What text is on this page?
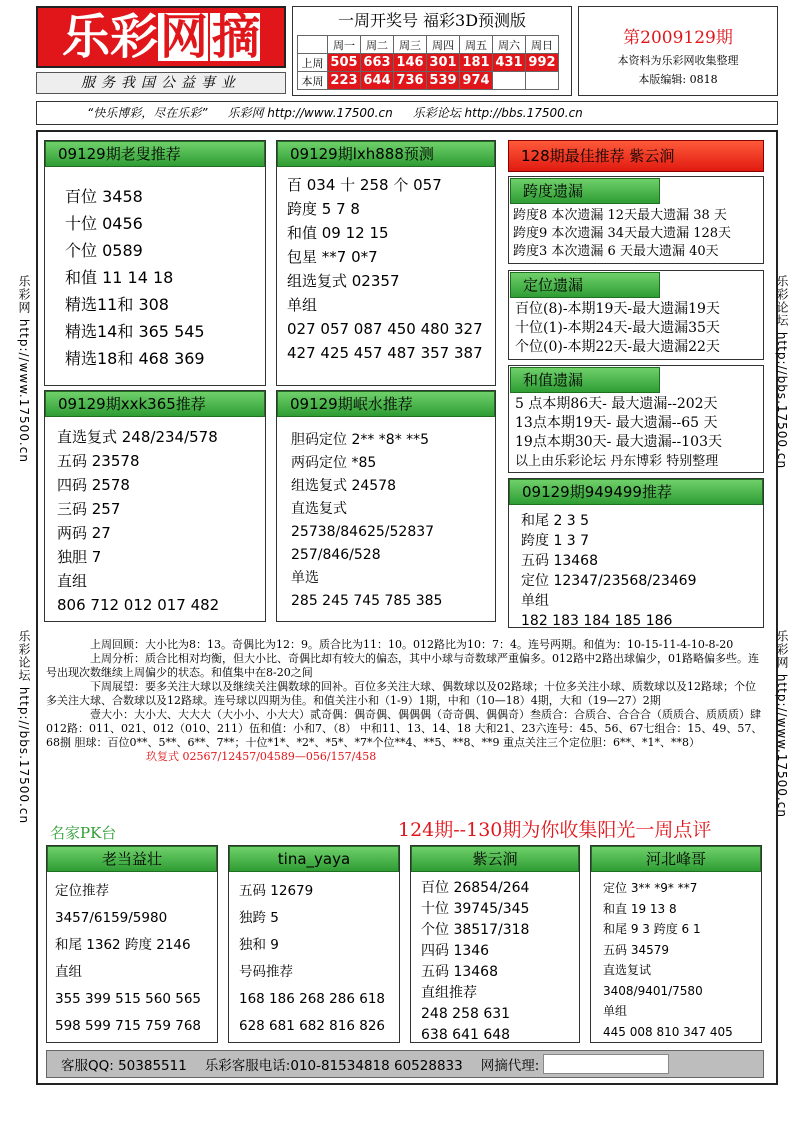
乐 彩 网 摘
服务我国公益事业
一周开奖号 福彩3D预测版
	周一	周二	周三	周四	周五	周六	周日
上周	505	663	146	301	181	431	992
本周	223	644	736	539	974		
第2009129期
本资料为乐彩网收集整理
本版编辑: 0818
“快乐博彩，尽在乐彩” 乐彩网 http://www.17500.cn 乐彩论坛 http://bbs.17500.cn
乐彩网 http://www.17500.cn
乐彩论坛 http://bbs.17500.cn
乐彩论坛 http://bbs.17500.cn
乐彩网 http://www.17500.cn
09129期老叟推荐
百位 3458
十位 0456
个位 0589
和值 11 14 18
精选11和 308
精选14和 365 545
精选18和 468 369
09129期lxh888预测
百 034 十 258 个 057
跨度 5 7 8
和值 09 12 15
包星 **7 0*7
组选复式 02357
单组
027 057 087 450 480 327
427 425 457 487 357 387
128期最佳推荐 紫云涧
跨度遗漏
跨度8 本次遗漏 12天最大遗漏 38 天
跨度9 本次遗漏 34天最大遗漏 128天
跨度3 本次遗漏 6 天最大遗漏 40天
定位遗漏
百位(8)-本期19天-最大遗漏19天
十位(1)-本期24天-最大遗漏35天
个位(0)-本期22天-最大遗漏22天
和值遗漏
5 点本期86天- 最大遗漏--202天
13点本期19天- 最大遗漏--65 天
19点本期30天- 最大遗漏--103天
以上由乐彩论坛 丹东博彩 特别整理
09129期xxk365推荐
直选复式 248/234/578
五码 23578
四码 2578
三码 257
两码 27
独胆 7
直组
806 712 012 017 482
09129期岷水推荐
胆码定位 2** *8* **5
两码定位 *85
组选复式 24578
直选复式
25738/84625/52837
257/846/528
单选
285 245 745 785 385
09129期949499推荐
和尾 2 3 5
跨度 1 3 7
五码 13468
定位 12347/23568/23469
单组
182 183 184 185 186
上周回顾：大小比为8：13。奇偶比为12：9。质合比为11：10。012路比为10：7：4。连号两期。和值为：10-15-11-4-10-8-20
上周分析：质合比相对均衡，但大小比、奇偶比却有较大的偏态，其中小球与奇数球严重偏多。012路中2路出球偏少，01路略偏多些。连号出现次数继续上周偏少的状态。和值集中在8-20之间
下周展望：要多关注大球以及继续关注偶数球的回补。百位多关注大球、偶数球以及02路球；十位多关注小球、质数球以及12路球；个位多关注大球、合数球以及12路球。连号球以四期为佳。和值关注小和（1-9）1期，中和（10—18）4期，大和（19—27）2期
壹大小：大小大、大大大（大小小、小大大）贰奇偶：偶奇偶、偶偶偶（奇奇偶、偶偶奇）叁质合：合质合、合合合（质质合、质质质）肆012路：011、021、012（010、211）伍和值：小和7、（8） 中和11、13、14、18 大和21、23六连号：45、56、67七组合：15、49、57、68捌 胆球：百位0**、5**、6**、7**；十位*1*、*2*、*5*、*7*个位**4、**5、**8、**9 重点关注三个定位胆：6**、*1*、**8）
玖复式 02567/12457/04589—056/157/458
名家PK台	124期--130期为你收集阳光一周点评
老当益壮
定位推荐
3457/6159/5980
和尾 1362 跨度 2146
直组
355 399 515 560 565
598 599 715 759 768
tina_yaya
五码 12679
独跨 5
独和 9
号码推荐
168 186 268 286 618
628 681 682 816 826
紫云涧
百位 26854/264
十位 39745/345
个位 38517/318
四码 1346
五码 13468
直组推荐
248 258 631
638 641 648
河北峰哥
定位 3** *9* **7
和直 19 13 8
和尾 9 3 跨度 6 1
五码 34579
直选复试
3408/9401/7580
单组
445 008 810 347 405
客服QQ: 50385511 乐彩客服电话:010-81534818 60528833 网摘代理:
